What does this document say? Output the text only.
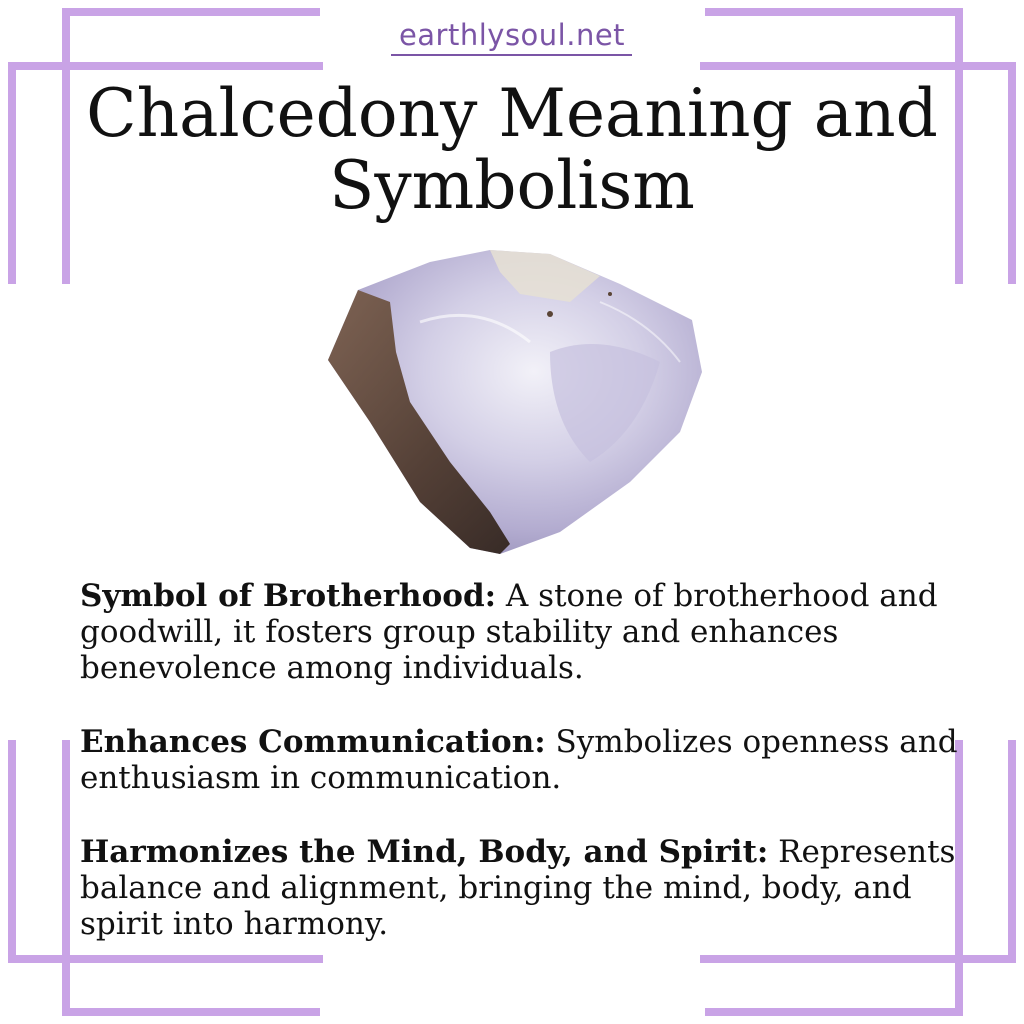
earthlysoul.net
Chalcedony Meaning and Symbolism

Symbol of Brotherhood: A stone of brotherhood and goodwill, it fosters group stability and enhances benevolence among individuals.

Enhances Communication: Symbolizes openness and enthusiasm in communication.

Harmonizes the Mind, Body, and Spirit: Represents balance and alignment, bringing the mind, body, and spirit into harmony.
